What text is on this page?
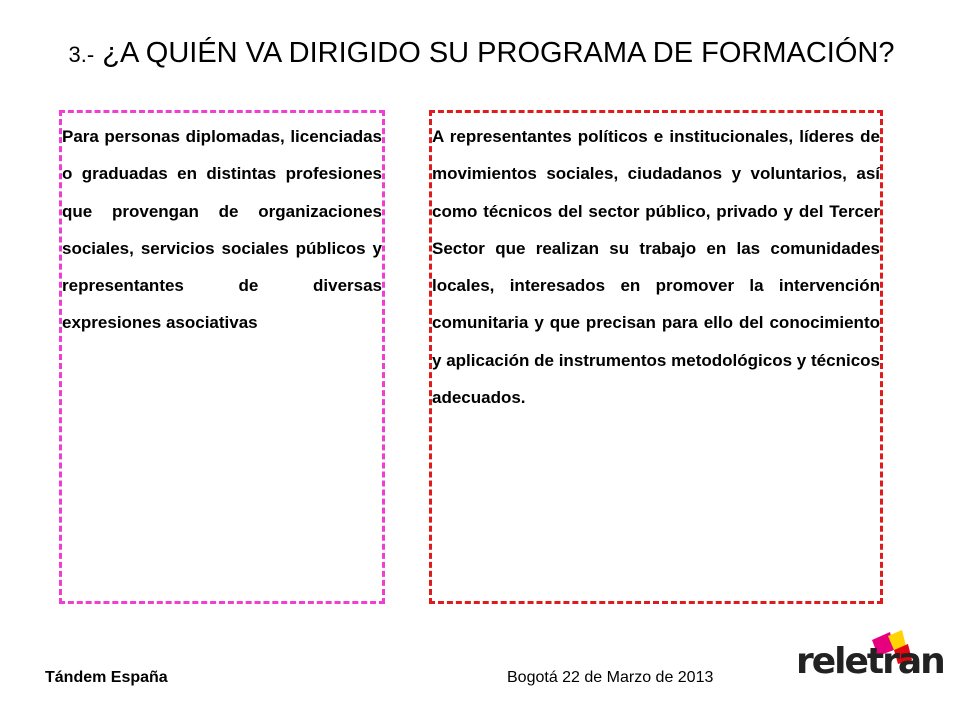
3.- ¿A QUIÉN VA DIRIGIDO SU PROGRAMA DE FORMACIÓN?

Para personas diplomadas, licenciadas o graduadas en distintas profesiones que provengan de organizaciones sociales, servicios sociales públicos y representantes de diversas expresiones asociativas

A representantes políticos e institucionales, líderes de movimientos sociales, ciudadanos y voluntarios, así como técnicos del sector público, privado y del Tercer Sector que realizan su trabajo en las comunidades locales, interesados en promover la intervención comunitaria y que precisan para ello del conocimiento y aplicación de instrumentos metodológicos y técnicos adecuados.

Tándem España	Bogotá 22 de Marzo de 2013 reletran
